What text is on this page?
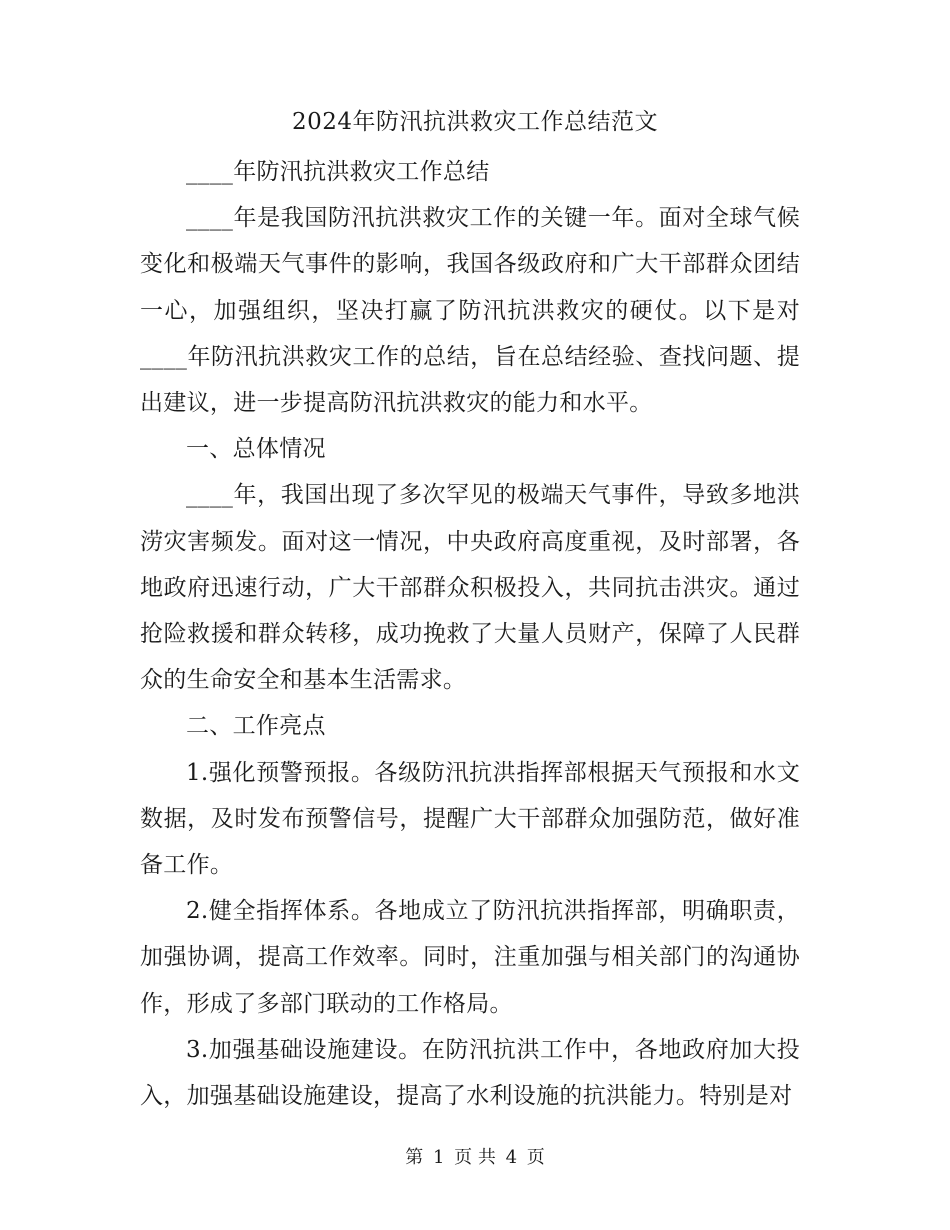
2024年防汛抗洪救灾工作总结范文

____年防汛抗洪救灾工作总结

____年是我国防汛抗洪救灾工作的关键一年。面对全球气候变化和极端天气事件的影响，我国各级政府和广大干部群众团结一心，加强组织，坚决打赢了防汛抗洪救灾的硬仗。以下是对____年防汛抗洪救灾工作的总结，旨在总结经验、查找问题、提出建议，进一步提高防汛抗洪救灾的能力和水平。

一、总体情况

____年，我国出现了多次罕见的极端天气事件，导致多地洪涝灾害频发。面对这一情况，中央政府高度重视，及时部署，各地政府迅速行动，广大干部群众积极投入，共同抗击洪灾。通过抢险救援和群众转移，成功挽救了大量人员财产，保障了人民群众的生命安全和基本生活需求。

二、工作亮点

1.强化预警预报。各级防汛抗洪指挥部根据天气预报和水文数据，及时发布预警信号，提醒广大干部群众加强防范，做好准备工作。

2.健全指挥体系。各地成立了防汛抗洪指挥部，明确职责，加强协调，提高工作效率。同时，注重加强与相关部门的沟通协作，形成了多部门联动的工作格局。

3.加强基础设施建设。在防汛抗洪工作中，各地政府加大投入，加强基础设施建设，提高了水利设施的抗洪能力。特别是对

第 1 页 共 4 页
